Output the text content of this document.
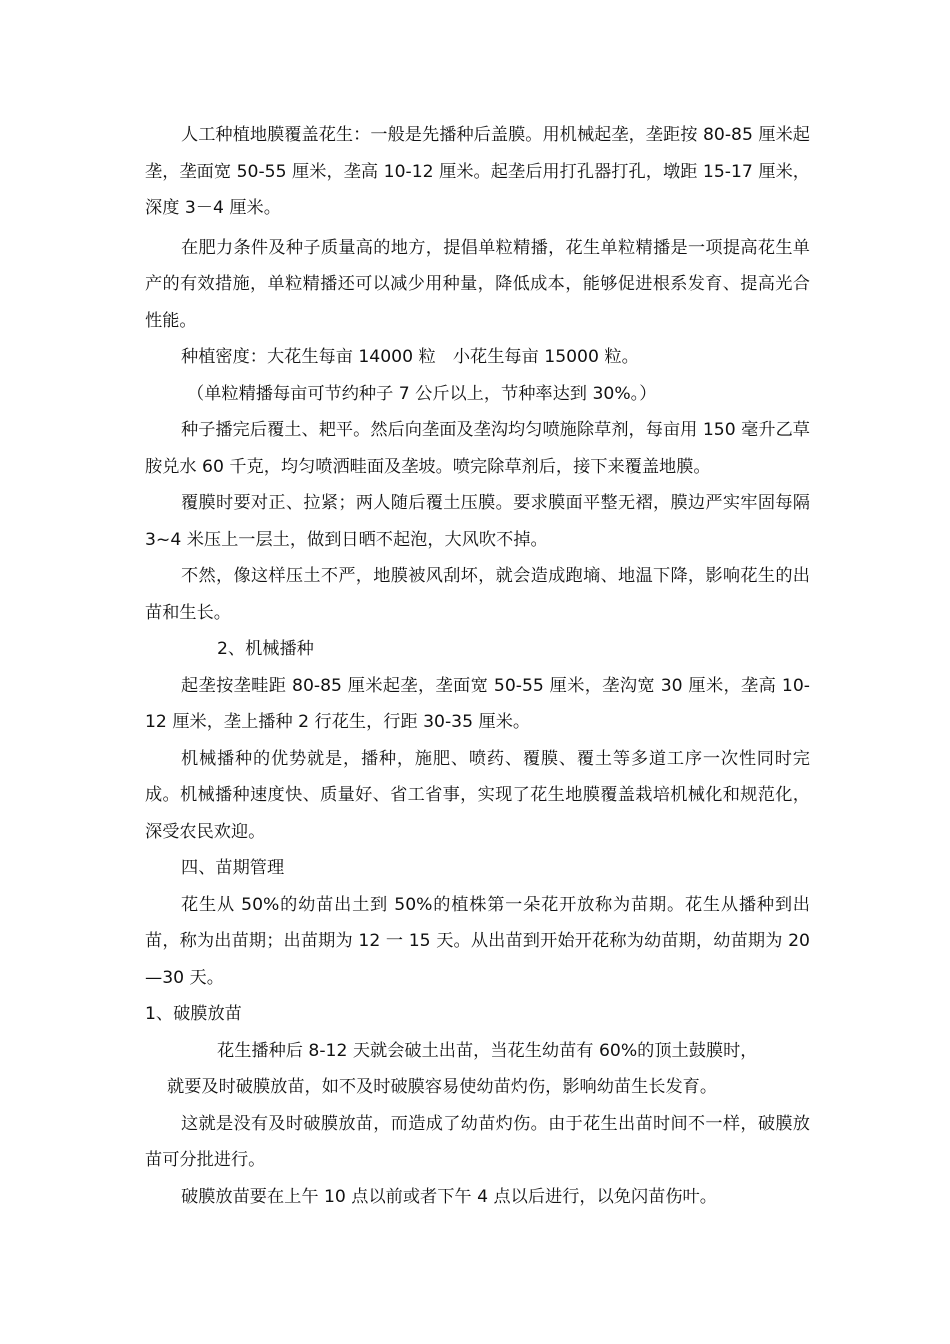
人工种植地膜覆盖花生：一般是先播种后盖膜。用机械起垄，垄距按 80-85 厘米起垄，垄面宽 50-55 厘米，垄高 10-12 厘米。起垄后用打孔器打孔，墩距 15-17 厘米，深度 3－4 厘米。

在肥力条件及种子质量高的地方，提倡单粒精播，花生单粒精播是一项提高花生单产的有效措施，单粒精播还可以减少用种量，降低成本，能够促进根系发育、提高光合性能。

种植密度：大花生每亩 14000 粒　小花生每亩 15000 粒。

（单粒精播每亩可节约种子 7 公斤以上，节种率达到 30%。）

种子播完后覆土、耙平。然后向垄面及垄沟均匀喷施除草剂，每亩用 150 毫升乙草胺兑水 60 千克，均匀喷洒畦面及垄坡。喷完除草剂后，接下来覆盖地膜。

覆膜时要对正、拉紧；两人随后覆土压膜。要求膜面平整无褶，膜边严实牢固每隔 3~4 米压上一层土，做到日晒不起泡，大风吹不掉。

不然，像这样压土不严，地膜被风刮坏，就会造成跑墒、地温下降，影响花生的出苗和生长。

2、机械播种

起垄按垄畦距 80-85 厘米起垄，垄面宽 50-55 厘米，垄沟宽 30 厘米，垄高 10-12 厘米，垄上播种 2 行花生，行距 30-35 厘米。

机械播种的优势就是，播种，施肥、喷药、覆膜、覆土等多道工序一次性同时完成。机械播种速度快、质量好、省工省事，实现了花生地膜覆盖栽培机械化和规范化，深受农民欢迎。

四、苗期管理

花生从 50%的幼苗出土到 50%的植株第一朵花开放称为苗期。花生从播种到出苗，称为出苗期；出苗期为 12 一 15 天。从出苗到开始开花称为幼苗期，幼苗期为 20—30 天。

1、破膜放苗

花生播种后 8-12 天就会破土出苗，当花生幼苗有 60%的顶土鼓膜时，

就要及时破膜放苗，如不及时破膜容易使幼苗灼伤，影响幼苗生长发育。

这就是没有及时破膜放苗，而造成了幼苗灼伤。由于花生出苗时间不一样，破膜放苗可分批进行。

破膜放苗要在上午 10 点以前或者下午 4 点以后进行，以免闪苗伤叶。
